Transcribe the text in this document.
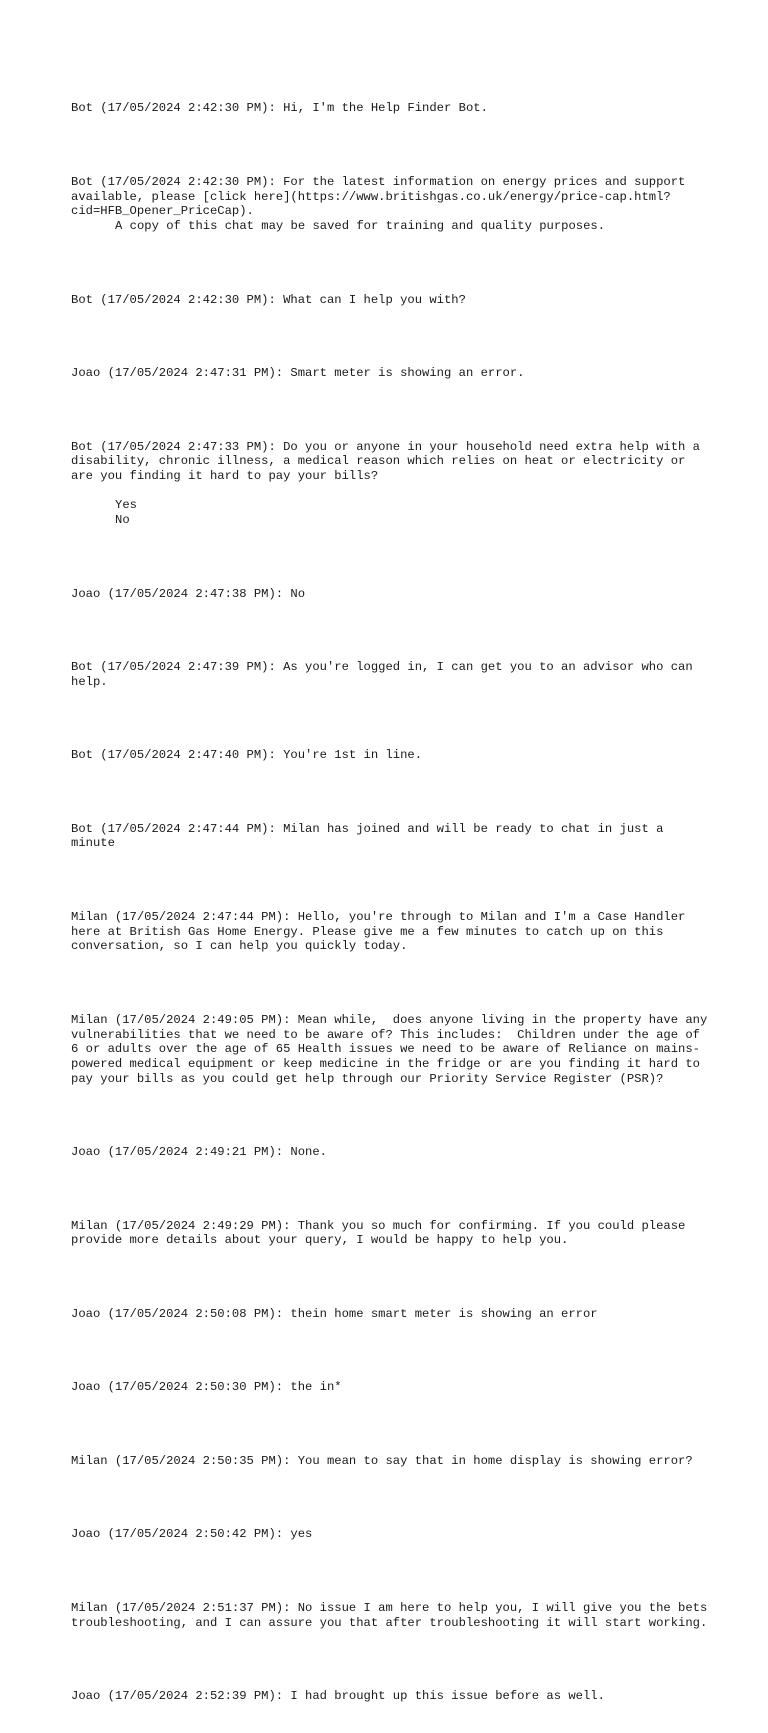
Bot (17/05/2024 2:42:30 PM): Hi, I'm the Help Finder Bot.

Bot (17/05/2024 2:42:30 PM): For the latest information on energy prices and support available, please [click here](https://www.britishgas.co.uk/energy/price-cap.html?cid=HFB_Opener_PriceCap).

A copy of this chat may be saved for training and quality purposes.

Bot (17/05/2024 2:42:30 PM): What can I help you with?

Joao (17/05/2024 2:47:31 PM): Smart meter is showing an error.

Bot (17/05/2024 2:47:33 PM): Do you or anyone in your household need extra help with a disability, chronic illness, a medical reason which relies on heat or electricity or are you finding it hard to pay your bills?
Yes
No

Joao (17/05/2024 2:47:38 PM): No

Bot (17/05/2024 2:47:39 PM): As you're logged in, I can get you to an advisor who can help.

Bot (17/05/2024 2:47:40 PM): You're 1st in line.

Bot (17/05/2024 2:47:44 PM): Milan has joined and will be ready to chat in just a minute

Milan (17/05/2024 2:47:44 PM): Hello, you're through to Milan and I'm a Case Handler here at British Gas Home Energy. Please give me a few minutes to catch up on this conversation, so I can help you quickly today.

Milan (17/05/2024 2:49:05 PM): Mean while,  does anyone living in the property have any vulnerabilities that we need to be aware of? This includes:  Children under the age of 6 or adults over the age of 65 Health issues we need to be aware of Reliance on mains-powered medical equipment or keep medicine in the fridge or are you finding it hard to pay your bills as you could get help through our Priority Service Register (PSR)?

Joao (17/05/2024 2:49:21 PM): None.

Milan (17/05/2024 2:49:29 PM): Thank you so much for confirming. If you could please provide more details about your query, I would be happy to help you.

Joao (17/05/2024 2:50:08 PM): thein home smart meter is showing an error

Joao (17/05/2024 2:50:30 PM): the in*

Milan (17/05/2024 2:50:35 PM): You mean to say that in home display is showing error?

Joao (17/05/2024 2:50:42 PM): yes

Milan (17/05/2024 2:51:37 PM): No issue I am here to help you, I will give you the bets troubleshooting, and I can assure you that after troubleshooting it will start working.

Joao (17/05/2024 2:52:39 PM): I had brought up this issue before as well.
